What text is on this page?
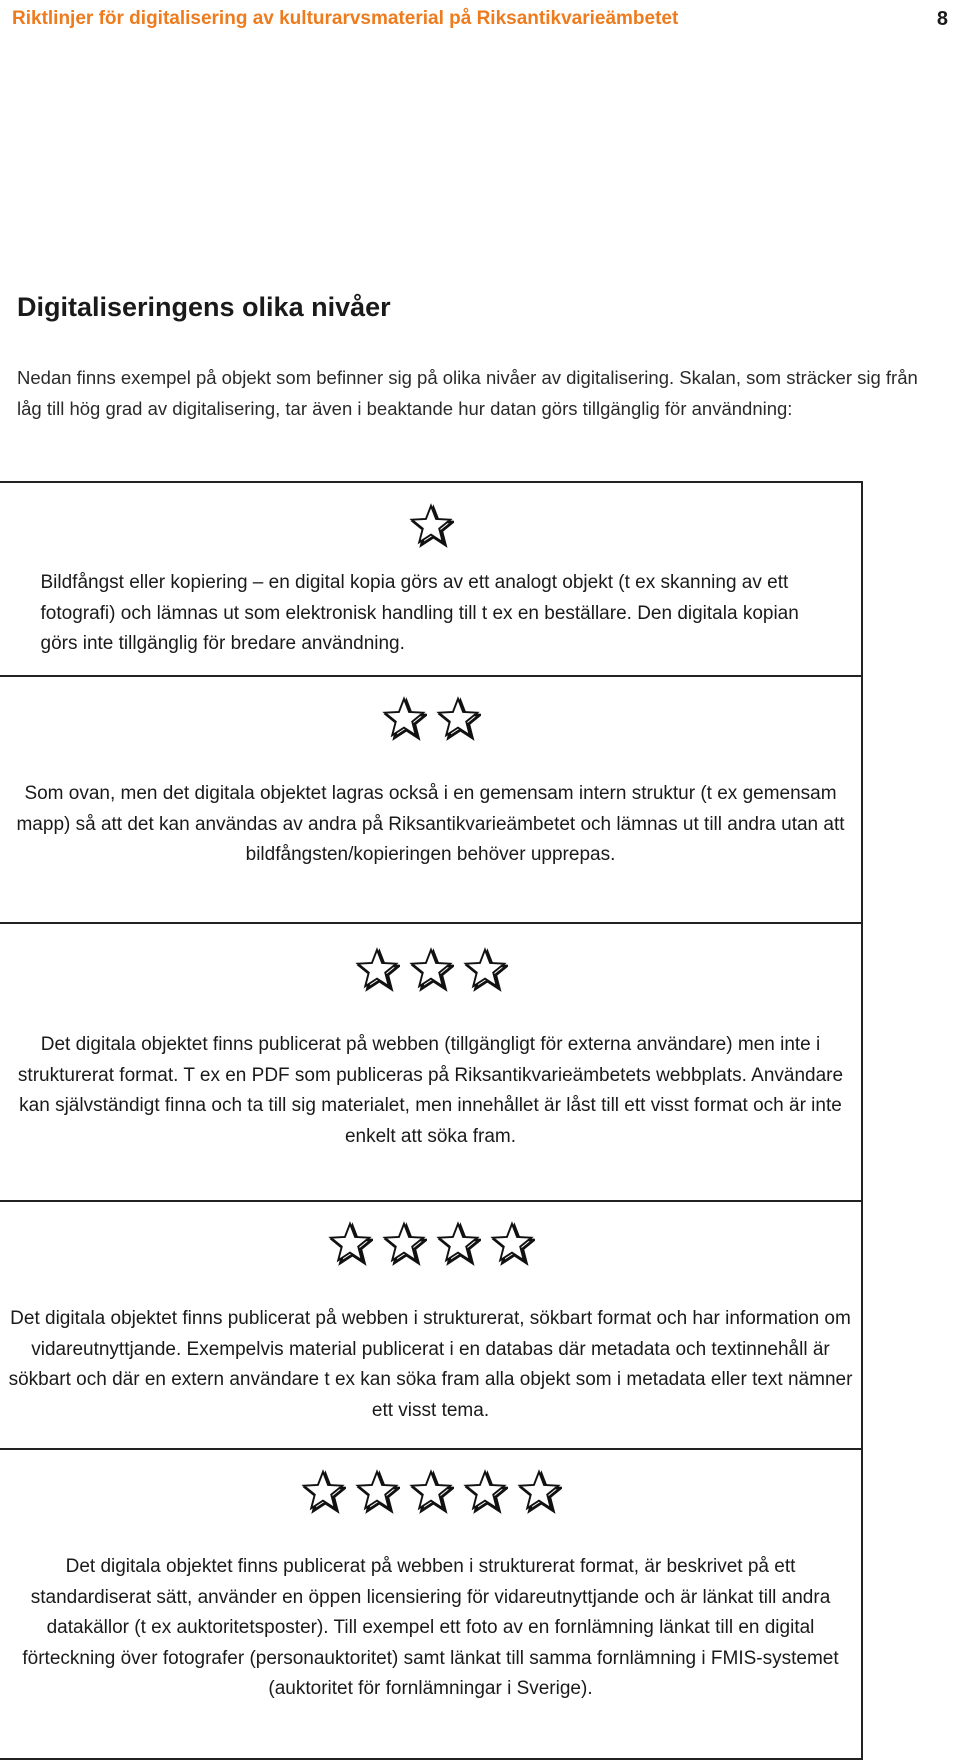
Riktlinjer för digitalisering av kulturarvsmaterial på Riksantikvarieämbetet	8
Digitaliseringens olika nivåer

Nedan finns exempel på objekt som befinner sig på olika nivåer av digitalisering. Skalan, som sträcker sig från låg till hög grad av digitalisering, tar även i beaktande hur datan görs tillgänglig för användning:

Bildfångst eller kopiering – en digital kopia görs av ett analogt objekt (t ex skanning av ett fotografi) och lämnas ut som elektronisk handling till t ex en beställare. Den digitala kopian görs inte tillgänglig för bredare användning.

Som ovan, men det digitala objektet lagras också i en gemensam intern struktur (t ex gemensam mapp) så att det kan användas av andra på Riksantikvarieämbetet och lämnas ut till andra utan att bildfångsten/kopieringen behöver upprepas.

Det digitala objektet finns publicerat på webben (tillgängligt för externa användare) men inte i strukturerat format. T ex en PDF som publiceras på Riksantikvarieämbetets webbplats. Användare kan självständigt finna och ta till sig materialet, men innehållet är låst till ett visst format och är inte enkelt att söka fram.

Det digitala objektet finns publicerat på webben i strukturerat, sökbart format och har information om vidareutnyttjande. Exempelvis material publicerat i en databas där metadata och textinnehåll är sökbart och där en extern användare t ex kan söka fram alla objekt som i metadata eller text nämner ett visst tema.

Det digitala objektet finns publicerat på webben i strukturerat format, är beskrivet på ett standardiserat sätt, använder en öppen licensiering för vidareutnyttjande och är länkat till andra datakällor (t ex auktoritetsposter). Till exempel ett foto av en fornlämning länkat till en digital förteckning över fotografer (personauktoritet) samt länkat till samma fornlämning i FMIS-systemet (auktoritet för fornlämningar i Sverige).
